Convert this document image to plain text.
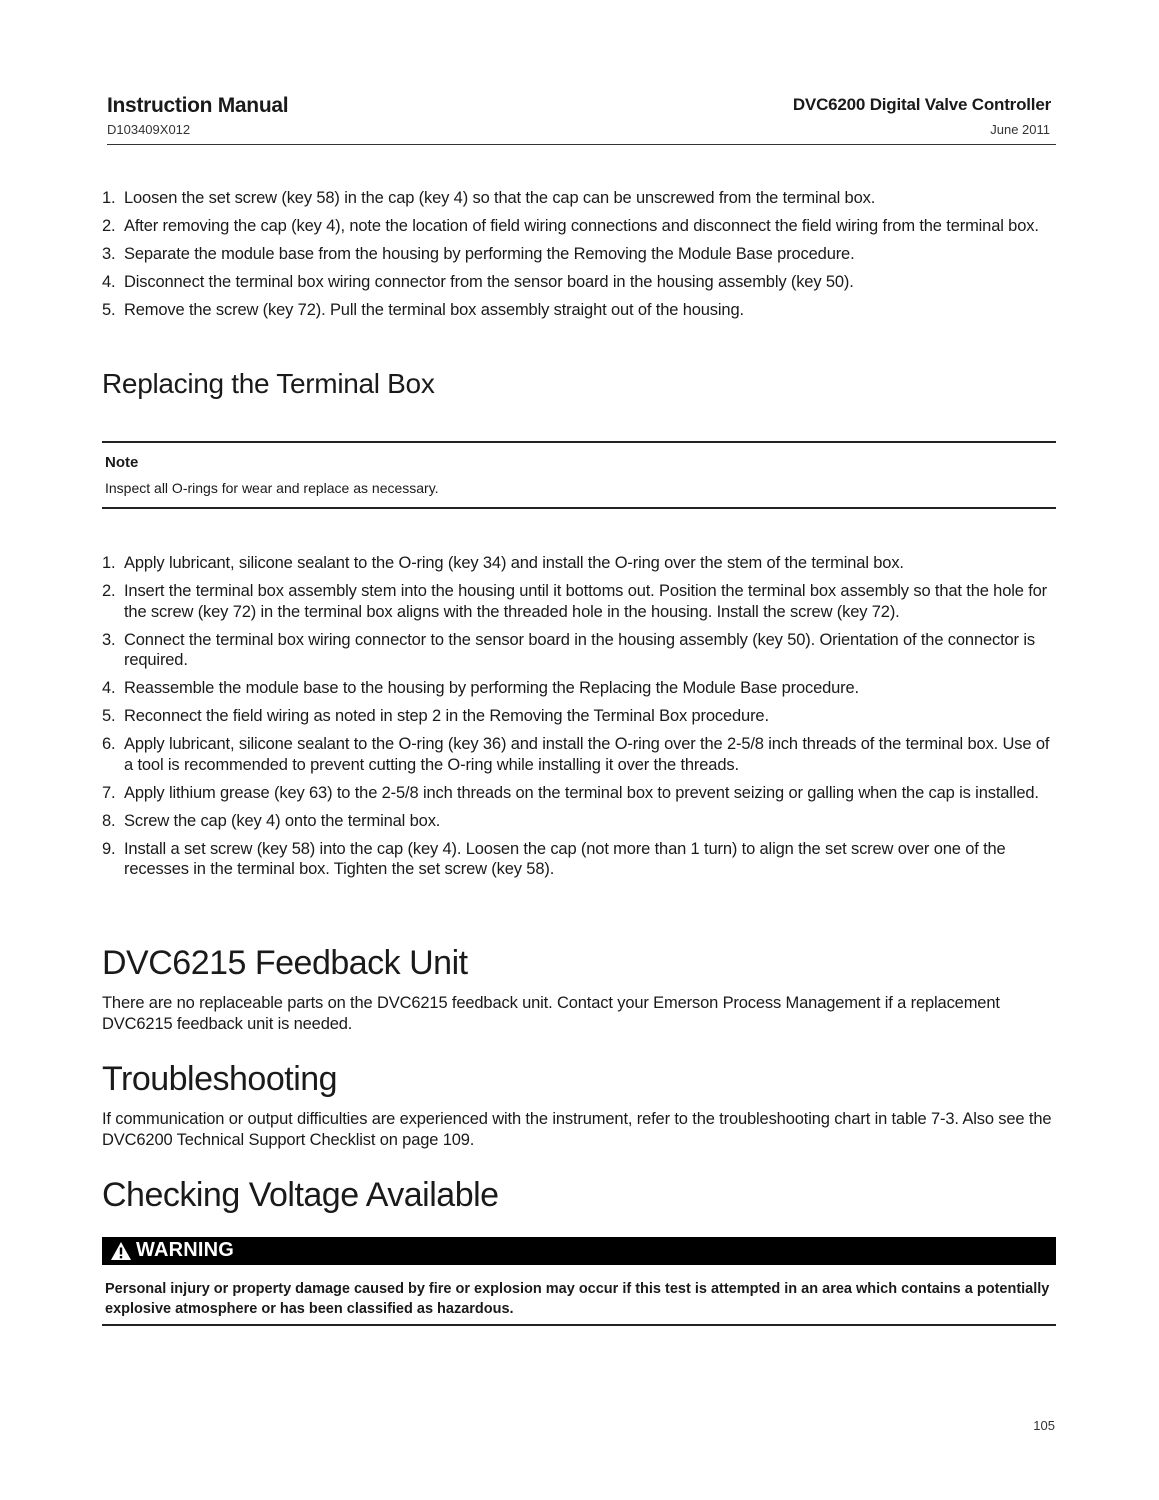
Instruction Manual
D103409X012
DVC6200 Digital Valve Controller
June 2011
1. Loosen the set screw (key 58) in the cap (key 4) so that the cap can be unscrewed from the terminal box.
2. After removing the cap (key 4), note the location of field wiring connections and disconnect the field wiring from the terminal box.
3. Separate the module base from the housing by performing the Removing the Module Base procedure.
4. Disconnect the terminal box wiring connector from the sensor board in the housing assembly (key 50).
5. Remove the screw (key 72). Pull the terminal box assembly straight out of the housing.
Replacing the Terminal Box
Note
Inspect all O-rings for wear and replace as necessary.
1. Apply lubricant, silicone sealant to the O-ring (key 34) and install the O-ring over the stem of the terminal box.
2. Insert the terminal box assembly stem into the housing until it bottoms out. Position the terminal box assembly so that the hole for the screw (key 72) in the terminal box aligns with the threaded hole in the housing. Install the screw (key 72).
3. Connect the terminal box wiring connector to the sensor board in the housing assembly (key 50). Orientation of the connector is required.
4. Reassemble the module base to the housing by performing the Replacing the Module Base procedure.
5. Reconnect the field wiring as noted in step 2 in the Removing the Terminal Box procedure.
6. Apply lubricant, silicone sealant to the O-ring (key 36) and install the O-ring over the 2-5/8 inch threads of the terminal box. Use of a tool is recommended to prevent cutting the O-ring while installing it over the threads.
7. Apply lithium grease (key 63) to the 2-5/8 inch threads on the terminal box to prevent seizing or galling when the cap is installed.
8. Screw the cap (key 4) onto the terminal box.
9. Install a set screw (key 58) into the cap (key 4). Loosen the cap (not more than 1 turn) to align the set screw over one of the recesses in the terminal box. Tighten the set screw (key 58).
DVC6215 Feedback Unit
There are no replaceable parts on the DVC6215 feedback unit. Contact your Emerson Process Management if a replacement DVC6215 feedback unit is needed.
Troubleshooting
If communication or output difficulties are experienced with the instrument, refer to the troubleshooting chart in table 7-3. Also see the DVC6200 Technical Support Checklist on page 109.
Checking Voltage Available
WARNING
Personal injury or property damage caused by fire or explosion may occur if this test is attempted in an area which contains a potentially explosive atmosphere or has been classified as hazardous.
105
